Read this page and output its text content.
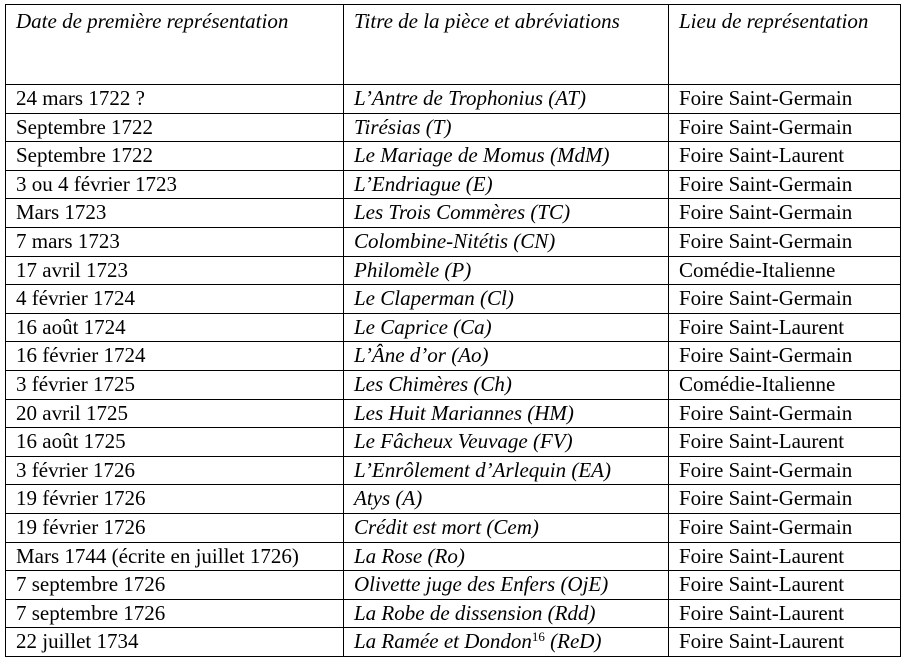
Date de première représentation	Titre de la pièce et abréviations	Lieu de représentation
24 mars 1722 ?	L’Antre de Trophonius (AT)	Foire Saint-Germain
Septembre 1722	Tirésias (T)	Foire Saint-Germain
Septembre 1722	Le Mariage de Momus (MdM)	Foire Saint-Laurent
3 ou 4 février 1723	L’Endriague (E)	Foire Saint-Germain
Mars 1723	Les Trois Commères (TC)	Foire Saint-Germain
7 mars 1723	Colombine-Nitétis (CN)	Foire Saint-Germain
17 avril 1723	Philomèle (P)	Comédie-Italienne
4 février 1724	Le Claperman (Cl)	Foire Saint-Germain
16 août 1724	Le Caprice (Ca)	Foire Saint-Laurent
16 février 1724	L’Âne d’or (Ao)	Foire Saint-Germain
3 février 1725	Les Chimères (Ch)	Comédie-Italienne
20 avril 1725	Les Huit Mariannes (HM)	Foire Saint-Germain
16 août 1725	Le Fâcheux Veuvage (FV)	Foire Saint-Laurent
3 février 1726	L’Enrôlement d’Arlequin (EA)	Foire Saint-Germain
19 février 1726	Atys (A)	Foire Saint-Germain
19 février 1726	Crédit est mort (Cem)	Foire Saint-Germain
Mars 1744 (écrite en juillet 1726)	La Rose (Ro)	Foire Saint-Laurent
7 septembre 1726	Olivette juge des Enfers (OjE)	Foire Saint-Laurent
7 septembre 1726	La Robe de dissension (Rdd)	Foire Saint-Laurent
22 juillet 1734	La Ramée et Dondon$^{16}$ (ReD)	Foire Saint-Laurent
